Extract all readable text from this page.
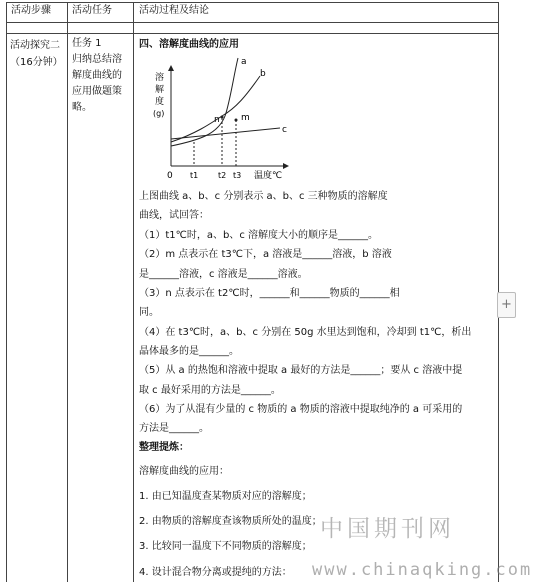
活动步骤 活动任务	活动过程及结论
活动探究二（16分钟）
任务 1
归纳总结溶
解度曲线的
应用做题策
略。
四、溶解度曲线的应用
溶
解
度
(g)
a
b
c
n m
0 t1 t2 t3 温度℃
上图曲线 a、b、c 分别表示 a、b、c 三种物质的溶解度
曲线，试回答：
（1）t1℃时，a、b、c 溶解度大小的顺序是______。
（2）m 点表示在 t3℃下，a 溶液是______溶液，b 溶液
是______溶液，c 溶液是______溶液。
（3）n 点表示在 t2℃时，______和______物质的______相
同。
（4）在 t3℃时，a、b、c 分别在 50g 水里达到饱和，冷却到 t1℃，析出
晶体最多的是______。
（5）从 a 的热饱和溶液中提取 a 最好的方法是______；要从 c 溶液中提
取 c 最好采用的方法是______。
（6）为了从混有少量的 c 物质的 a 物质的溶液中提取纯净的 a 可采用的
方法是______。
整理提炼：
溶解度曲线的应用：
1. 由已知温度查某物质对应的溶解度；
2. 由物质的溶解度查该物质所处的温度；
3. 比较同一温度下不同物质的溶解度；
4. 设计混合物分离或提纯的方法：
+
中国期刊网
www.chinaqking.com
